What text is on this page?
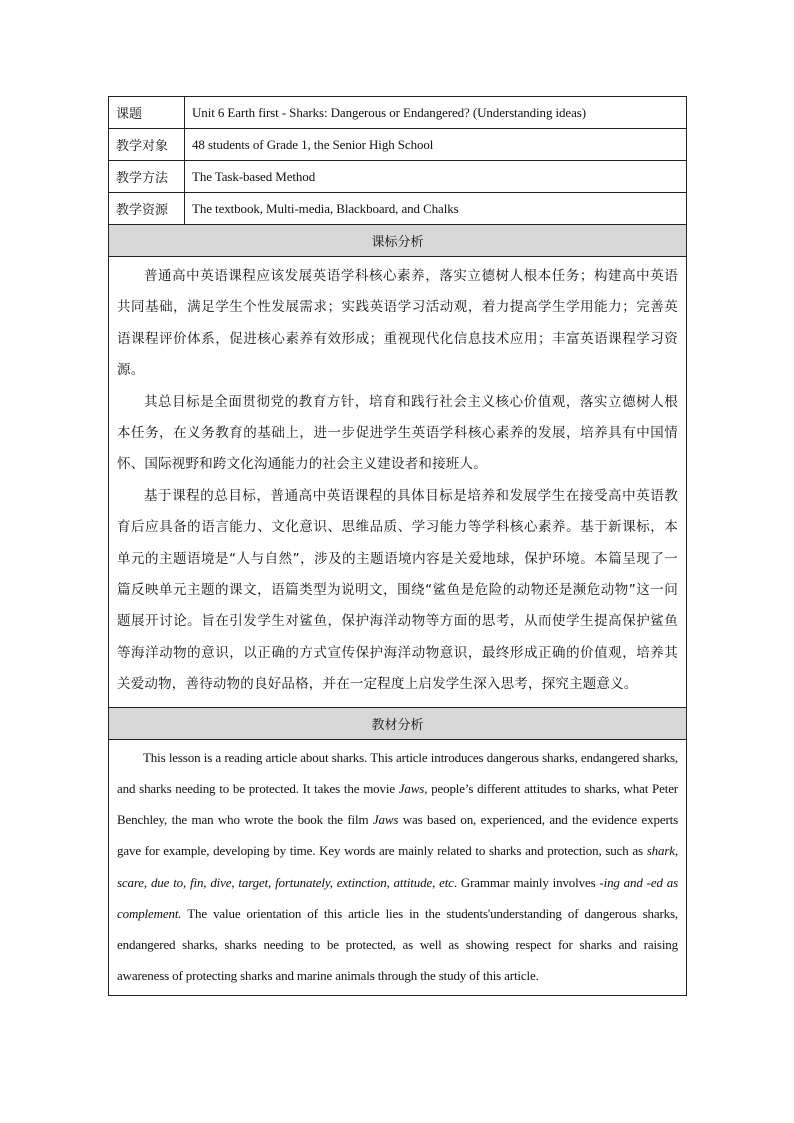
课题	Unit 6 Earth first - Sharks: Dangerous or Endangered? (Understanding ideas)
教学对象	48 students of Grade 1, the Senior High School
教学方法	The Task-based Method
教学资源	The textbook, Multi-media, Blackboard, and Chalks
课标分析	

普通高中英语课程应该发展英语学科核心素养，落实立德树人根本任务；构建高中英语共同基础，满足学生个性发展需求；实践英语学习活动观，着力提高学生学用能力；完善英语课程评价体系，促进核心素养有效形成；重视现代化信息技术应用；丰富英语课程学习资源。

其总目标是全面贯彻党的教育方针，培育和践行社会主义核心价值观，落实立德树人根本任务，在义务教育的基础上，进一步促进学生英语学科核心素养的发展，培养具有中国情怀、国际视野和跨文化沟通能力的社会主义建设者和接班人。

基于课程的总目标，普通高中英语课程的具体目标是培养和发展学生在接受高中英语教育后应具备的语言能力、文化意识、思维品质、学习能力等学科核心素养。基于新课标，本单元的主题语境是“人与自然”，涉及的主题语境内容是关爱地球，保护环境。本篇呈现了一篇反映单元主题的课文，语篇类型为说明文，围绕“鲨鱼是危险的动物还是濒危动物”这一问题展开讨论。旨在引发学生对鲨鱼，保护海洋动物等方面的思考，从而使学生提高保护鲨鱼等海洋动物的意识，以正确的方式宣传保护海洋动物意识，最终形成正确的价值观，培养其关爱动物，善待动物的良好品格，并在一定程度上启发学生深入思考，探究主题意义。	

教材分析	

This lesson is a reading article about sharks. This article introduces dangerous sharks, endangered sharks, and sharks needing to be protected. It takes the movie Jaws, people’s different attitudes to sharks, what Peter Benchley, the man who wrote the book the film Jaws was based on, experienced, and the evidence experts gave for example, developing by time. Key words are mainly related to sharks and protection, such as shark, scare, due to, fin, dive, target, fortunately, extinction, attitude, etc. Grammar mainly involves -ing and -ed as complement. The value orientation of this article lies in the students'understanding of dangerous sharks, endangered sharks, sharks needing to be protected, as well as showing respect for sharks and raising awareness of protecting sharks and marine animals through the study of this article.	
